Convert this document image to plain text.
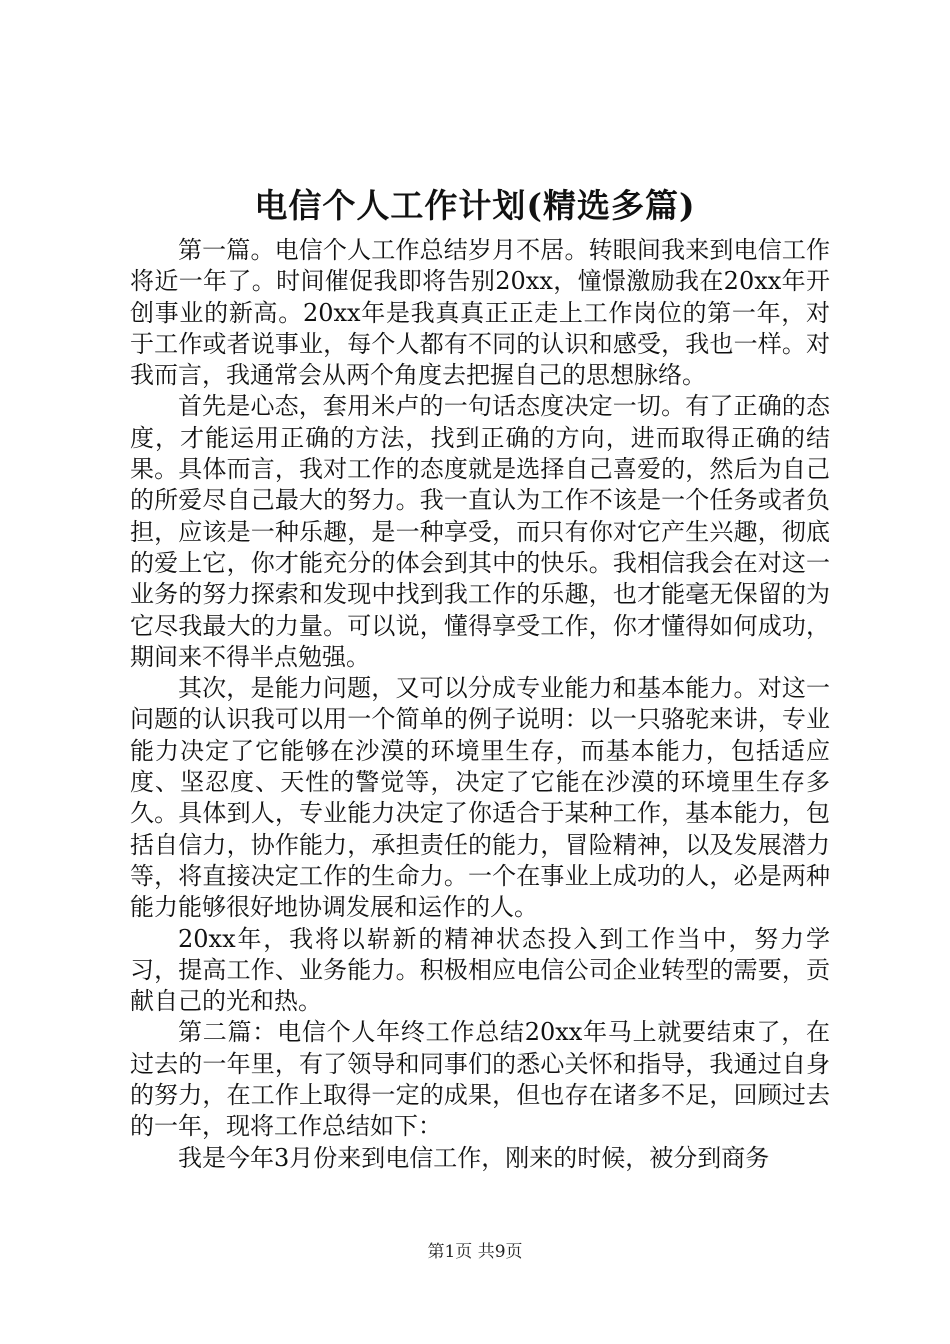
电信个人工作计划(精选多篇)

第一篇。电信个人工作总结岁月不居。转眼间我来到电信工作将近一年了。时间催促我即将告别20xx，憧憬激励我在20xx年开创事业的新高。20xx年是我真真正正走上工作岗位的第一年，对于工作或者说事业，每个人都有不同的认识和感受，我也一样。对我而言，我通常会从两个角度去把握自己的思想脉络。

首先是心态，套用米卢的一句话态度决定一切。有了正确的态度，才能运用正确的方法，找到正确的方向，进而取得正确的结果。具体而言，我对工作的态度就是选择自己喜爱的，然后为自己的所爱尽自己最大的努力。我一直认为工作不该是一个任务或者负担，应该是一种乐趣，是一种享受，而只有你对它产生兴趣，彻底的爱上它，你才能充分的体会到其中的快乐。我相信我会在对这一业务的努力探索和发现中找到我工作的乐趣，也才能毫无保留的为它尽我最大的力量。可以说，懂得享受工作，你才懂得如何成功，期间来不得半点勉强。

其次，是能力问题，又可以分成专业能力和基本能力。对这一问题的认识我可以用一个简单的例子说明：以一只骆驼来讲，专业能力决定了它能够在沙漠的环境里生存，而基本能力，包括适应度、坚忍度、天性的警觉等，决定了它能在沙漠的环境里生存多久。具体到人，专业能力决定了你适合于某种工作，基本能力，包括自信力，协作能力，承担责任的能力，冒险精神，以及发展潜力等，将直接决定工作的生命力。一个在事业上成功的人，必是两种能力能够很好地协调发展和运作的人。

20xx年，我将以崭新的精神状态投入到工作当中，努力学习，提高工作、业务能力。积极相应电信公司企业转型的需要，贡献自己的光和热。

第二篇：电信个人年终工作总结20xx年马上就要结束了，在过去的一年里，有了领导和同事们的悉心关怀和指导，我通过自身的努力，在工作上取得一定的成果，但也存在诸多不足，回顾过去的一年，现将工作总结如下：

我是今年3月份来到电信工作，刚来的时候，被分到商务

第1页 共9页
